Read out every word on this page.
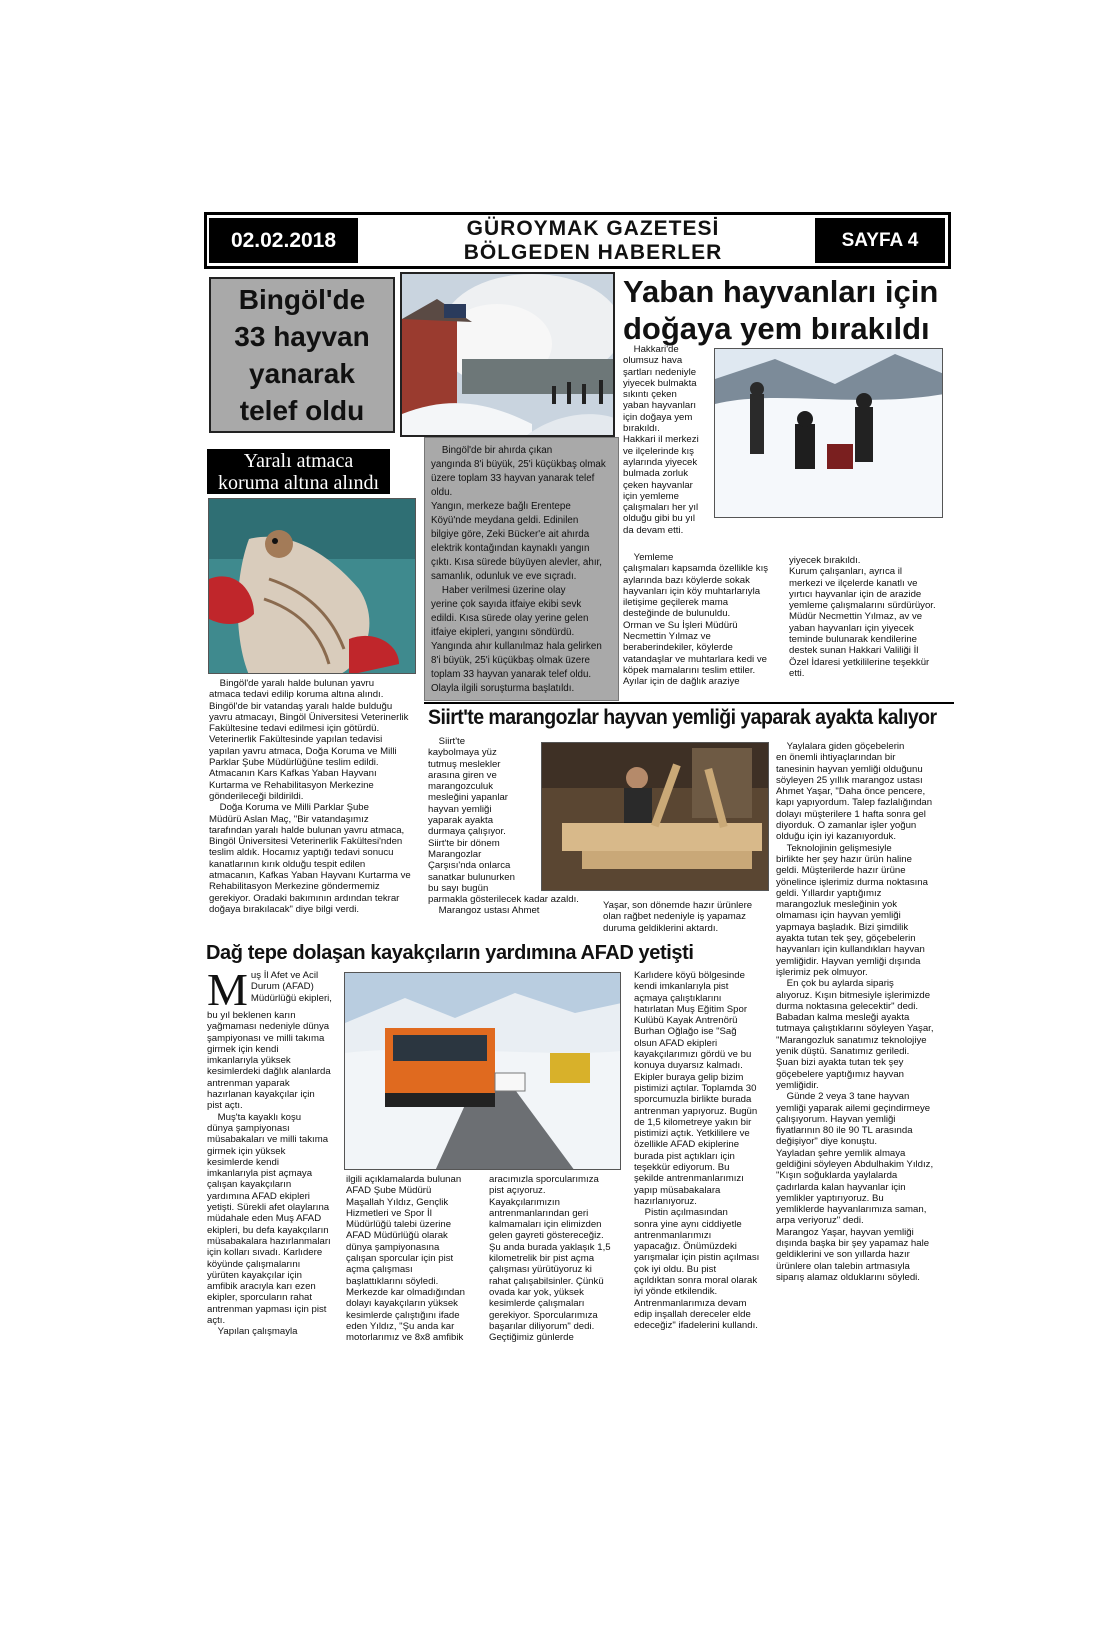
02.02.2018	GÜROYMAK GAZETESİ
BÖLGEDEN HABERLER
SAYFA 4
Bingöl'de
33 hayvan
yanarak
telef oldu

Bingöl'de bir ahırda çıkan
yangında 8'i büyük, 25'i küçükbaş olmak
üzere toplam 33 hayvan yanarak telef
oldu.
Yangın, merkeze bağlı Erentepe
Köyü'nde meydana geldi. Edinilen
bilgiye göre, Zeki Bücker'e ait ahırda
elektrik kontağından kaynaklı yangın
çıktı. Kısa sürede büyüyen alevler, ahır,
samanlık, odunluk ve eve sıçradı.
Haber verilmesi üzerine olay
yerine çok sayıda itfaiye ekibi sevk
edildi. Kısa sürede olay yerine gelen
itfaiye ekipleri, yangını söndürdü.
Yangında ahır kullanılmaz hala gelirken
8'i büyük, 25'i küçükbaş olmak üzere
toplam 33 hayvan yanarak telef oldu.
Olayla ilgili soruşturma başlatıldı.

Yaralı atmaca
koruma altına alındı

Bingöl'de yaralı halde bulunan yavru
atmaca tedavi edilip koruma altına alındı.
Bingöl'de bir vatandaş yaralı halde bulduğu
yavru atmacayı, Bingöl Üniversitesi Veterinerlik
Fakültesine tedavi edilmesi için götürdü.
Veterinerlik Fakültesinde yapılan tedavisi
yapılan yavru atmaca, Doğa Koruma ve Milli
Parklar Şube Müdürlüğüne teslim edildi.
Atmacanın Kars Kafkas Yaban Hayvanı
Kurtarma ve Rehabilitasyon Merkezine
gönderileceği bildirildi.
Doğa Koruma ve Milli Parklar Şube
Müdürü Aslan Maç, "Bir vatandaşımız
tarafından yaralı halde bulunan yavru atmaca,
Bingöl Üniversitesi Veterinerlik Fakültesi'nden
teslim aldık. Hocamız yaptığı tedavi sonucu
kanatlarının kırık olduğu tespit edilen
atmacanın, Kafkas Yaban Hayvanı Kurtarma ve
Rehabilitasyon Merkezine göndermemiz
gerekiyor. Oradaki bakımının ardından tekrar
doğaya bırakılacak" diye bilgi verdi.

Yaban hayvanları için
doğaya yem bırakıldı

Hakkari'de
olumsuz hava
şartları nedeniyle
yiyecek bulmakta
sıkıntı çeken
yaban hayvanları
için doğaya yem
bırakıldı.
Hakkari il merkezi
ve ilçelerinde kış
aylarında yiyecek
bulmada zorluk
çeken hayvanlar
için yemleme
çalışmaları her yıl
olduğu gibi bu yıl
da devam etti.

Yemleme
çalışmaları kapsamda özellikle kış
aylarında bazı köylerde sokak
hayvanları için köy muhtarlarıyla
iletişime geçilerek mama
desteğinde de bulunuldu.
Orman ve Su İşleri Müdürü
Necmettin Yılmaz ve
beraberindekiler, köylerde
vatandaşlar ve muhtarlara kedi ve
köpek mamalarını teslim ettiler.
Ayılar için de dağlık araziye

yiyecek bırakıldı.
Kurum çalışanları, ayrıca il
merkezi ve ilçelerde kanatlı ve
yırtıcı hayvanlar için de arazide
yemleme çalışmalarını sürdürüyor.
Müdür Necmettin Yılmaz, av ve
yaban hayvanları için yiyecek
teminde bulunarak kendilerine
destek sunan Hakkari Valiliği İl
Özel İdaresi yetkililerine teşekkür
etti.

Siirt'te marangozlar hayvan yemliği yaparak ayakta kalıyor

Siirt'te
kaybolmaya yüz
tutmuş meslekler
arasına giren ve
marangozculuk
mesleğini yapanlar
hayvan yemliği
yaparak ayakta
durmaya çalışıyor.
Siirt'te bir dönem
Marangozlar
Çarşısı'nda onlarca
sanatkar bulunurken
bu sayı bugün
parmakla gösterilecek kadar azaldı.
Marangoz ustası Ahmet	Yaşar, son dönemde hazır ürünlere
olan rağbet nedeniyle iş yapamaz
duruma geldiklerini aktardı.

Yaylalara giden göçebelerin
en önemli ihtiyaçlarından bir
tanesinin hayvan yemliği olduğunu
söyleyen 25 yıllık marangoz ustası
Ahmet Yaşar, "Daha önce pencere,
kapı yapıyordum. Talep fazlalığından
dolayı müşterilere 1 hafta sonra gel
diyorduk. O zamanlar işler yoğun
olduğu için iyi kazanıyorduk.
Teknolojinin gelişmesiyle
birlikte her şey hazır ürün haline
geldi. Müşterilerde hazır ürüne
yönelince işlerimiz durma noktasına
geldi. Yıllardır yaptığımız
marangozluk mesleğinin yok
olmaması için hayvan yemliği
yapmaya başladık. Bizi şimdilik
ayakta tutan tek şey, göçebelerin
hayvanları için kullandıkları hayvan
yemliğidir. Hayvan yemliği dışında
işlerimiz pek olmuyor.
En çok bu aylarda sipariş
alıyoruz. Kışın bitmesiyle işlerimizde
durma noktasına gelecektir" dedi.
Babadan kalma mesleği ayakta
tutmaya çalıştıklarını söyleyen Yaşar,
"Marangozluk sanatımız teknolojiye
yenik düştü. Sanatımız geriledi.
Şuan bizi ayakta tutan tek şey
göçebelere yaptığımız hayvan
yemliğidir.
Günde 2 veya 3 tane hayvan
yemliği yaparak ailemi geçindirmeye
çalışıyorum. Hayvan yemliği
fiyatlarının 80 ile 90 TL arasında
değişiyor" diye konuştu.
Yayladan şehre yemlik almaya
geldiğini söyleyen Abdulhakim Yıldız,
"Kışın soğuklarda yaylalarda
çadırlarda kalan hayvanlar için
yemlikler yaptırıyoruz. Bu
yemliklerde hayvanlarımıza saman,
arpa veriyoruz" dedi.
Marangoz Yaşar, hayvan yemliği
dışında başka bir şey yapamaz hale
geldiklerini ve son yıllarda hazır
ürünlere olan talebin artmasıyla
siparış alamaz olduklarını söyledi.

Dağ tepe dolaşan kayakçıların yardımına AFAD yetişti
M uş İl Afet ve Acil
Durum (AFAD)
Müdürlüğü ekipleri,

bu yıl beklenen karın
yağmaması nedeniyle dünya
şampiyonası ve milli takıma
girmek için kendi
imkanlarıyla yüksek
kesimlerdeki dağlık alanlarda
antrenman yaparak
hazırlanan kayakçılar için
pist açtı.
Muş'ta kayaklı koşu
dünya şampiyonası
müsabakaları ve milli takıma
girmek için yüksek
kesimlerde kendi
imkanlarıyla pist açmaya
çalışan kayakçıların
yardımına AFAD ekipleri
yetişti. Sürekli afet olaylarına
müdahale eden Muş AFAD
ekipleri, bu defa kayakçıların
müsabakalara hazırlanmaları
için kolları sıvadı. Karlıdere
köyünde çalışmalarını
yürüten kayakçılar için
amfibik aracıyla karı ezen
ekipler, sporcuların rahat
antrenman yapması için pist
açtı.
Yapılan çalışmayla

ilgili açıklamalarda bulunan
AFAD Şube Müdürü
Maşallah Yıldız, Gençlik
Hizmetleri ve Spor İl
Müdürlüğü talebi üzerine
AFAD Müdürlüğü olarak
dünya şampiyonasına
çalışan sporcular için pist
açma çalışması
başlattıklarını söyledi.
Merkezde kar olmadığından
dolayı kayakçıların yüksek
kesimlerde çalıştığını ifade
eden Yıldız, "Şu anda kar
motorlarımız ve 8x8 amfibik

aracımızla sporcularımıza
pist açıyoruz.
Kayakçılarımızın
antrenmanlarından geri
kalmamaları için elimizden
gelen gayreti göstereceğiz.
Şu anda burada yaklaşık 1,5
kilometrelik bir pist açma
çalışması yürütüyoruz ki
rahat çalışabilsinler. Çünkü
ovada kar yok, yüksek
kesimlerde çalışmaları
gerekiyor. Sporcularımıza
başarılar diliyorum" dedi.
Geçtiğimiz günlerde

Karlıdere köyü bölgesinde
kendi imkanlarıyla pist
açmaya çalıştıklarını
hatırlatan Muş Eğitim Spor
Kulübü Kayak Antrenörü
Burhan Oğlağo ise "Sağ
olsun AFAD ekipleri
kayakçılarımızı gördü ve bu
konuya duyarsız kalmadı.
Ekipler buraya gelip bizim
pistimizi açtılar. Toplamda 30
sporcumuzla birlikte burada
antrenman yapıyoruz. Bugün
de 1,5 kilometreye yakın bir
pistimizi açtık. Yetkililere ve
özellikle AFAD ekiplerine
burada pist açtıkları için
teşekkür ediyorum. Bu
şekilde antrenmanlarımızı
yapıp müsabakalara
hazırlanıyoruz.
Pistin açılmasından
sonra yine aynı ciddiyetle
antrenmanlarımızı
yapacağız. Önümüzdeki
yarışmalar için pistin açılması
çok iyi oldu. Bu pist
açıldıktan sonra moral olarak
iyi yönde etkilendik.
Antrenmanlarımıza devam
edip inşallah dereceler elde
edeceğiz" ifadelerini kullandı.
